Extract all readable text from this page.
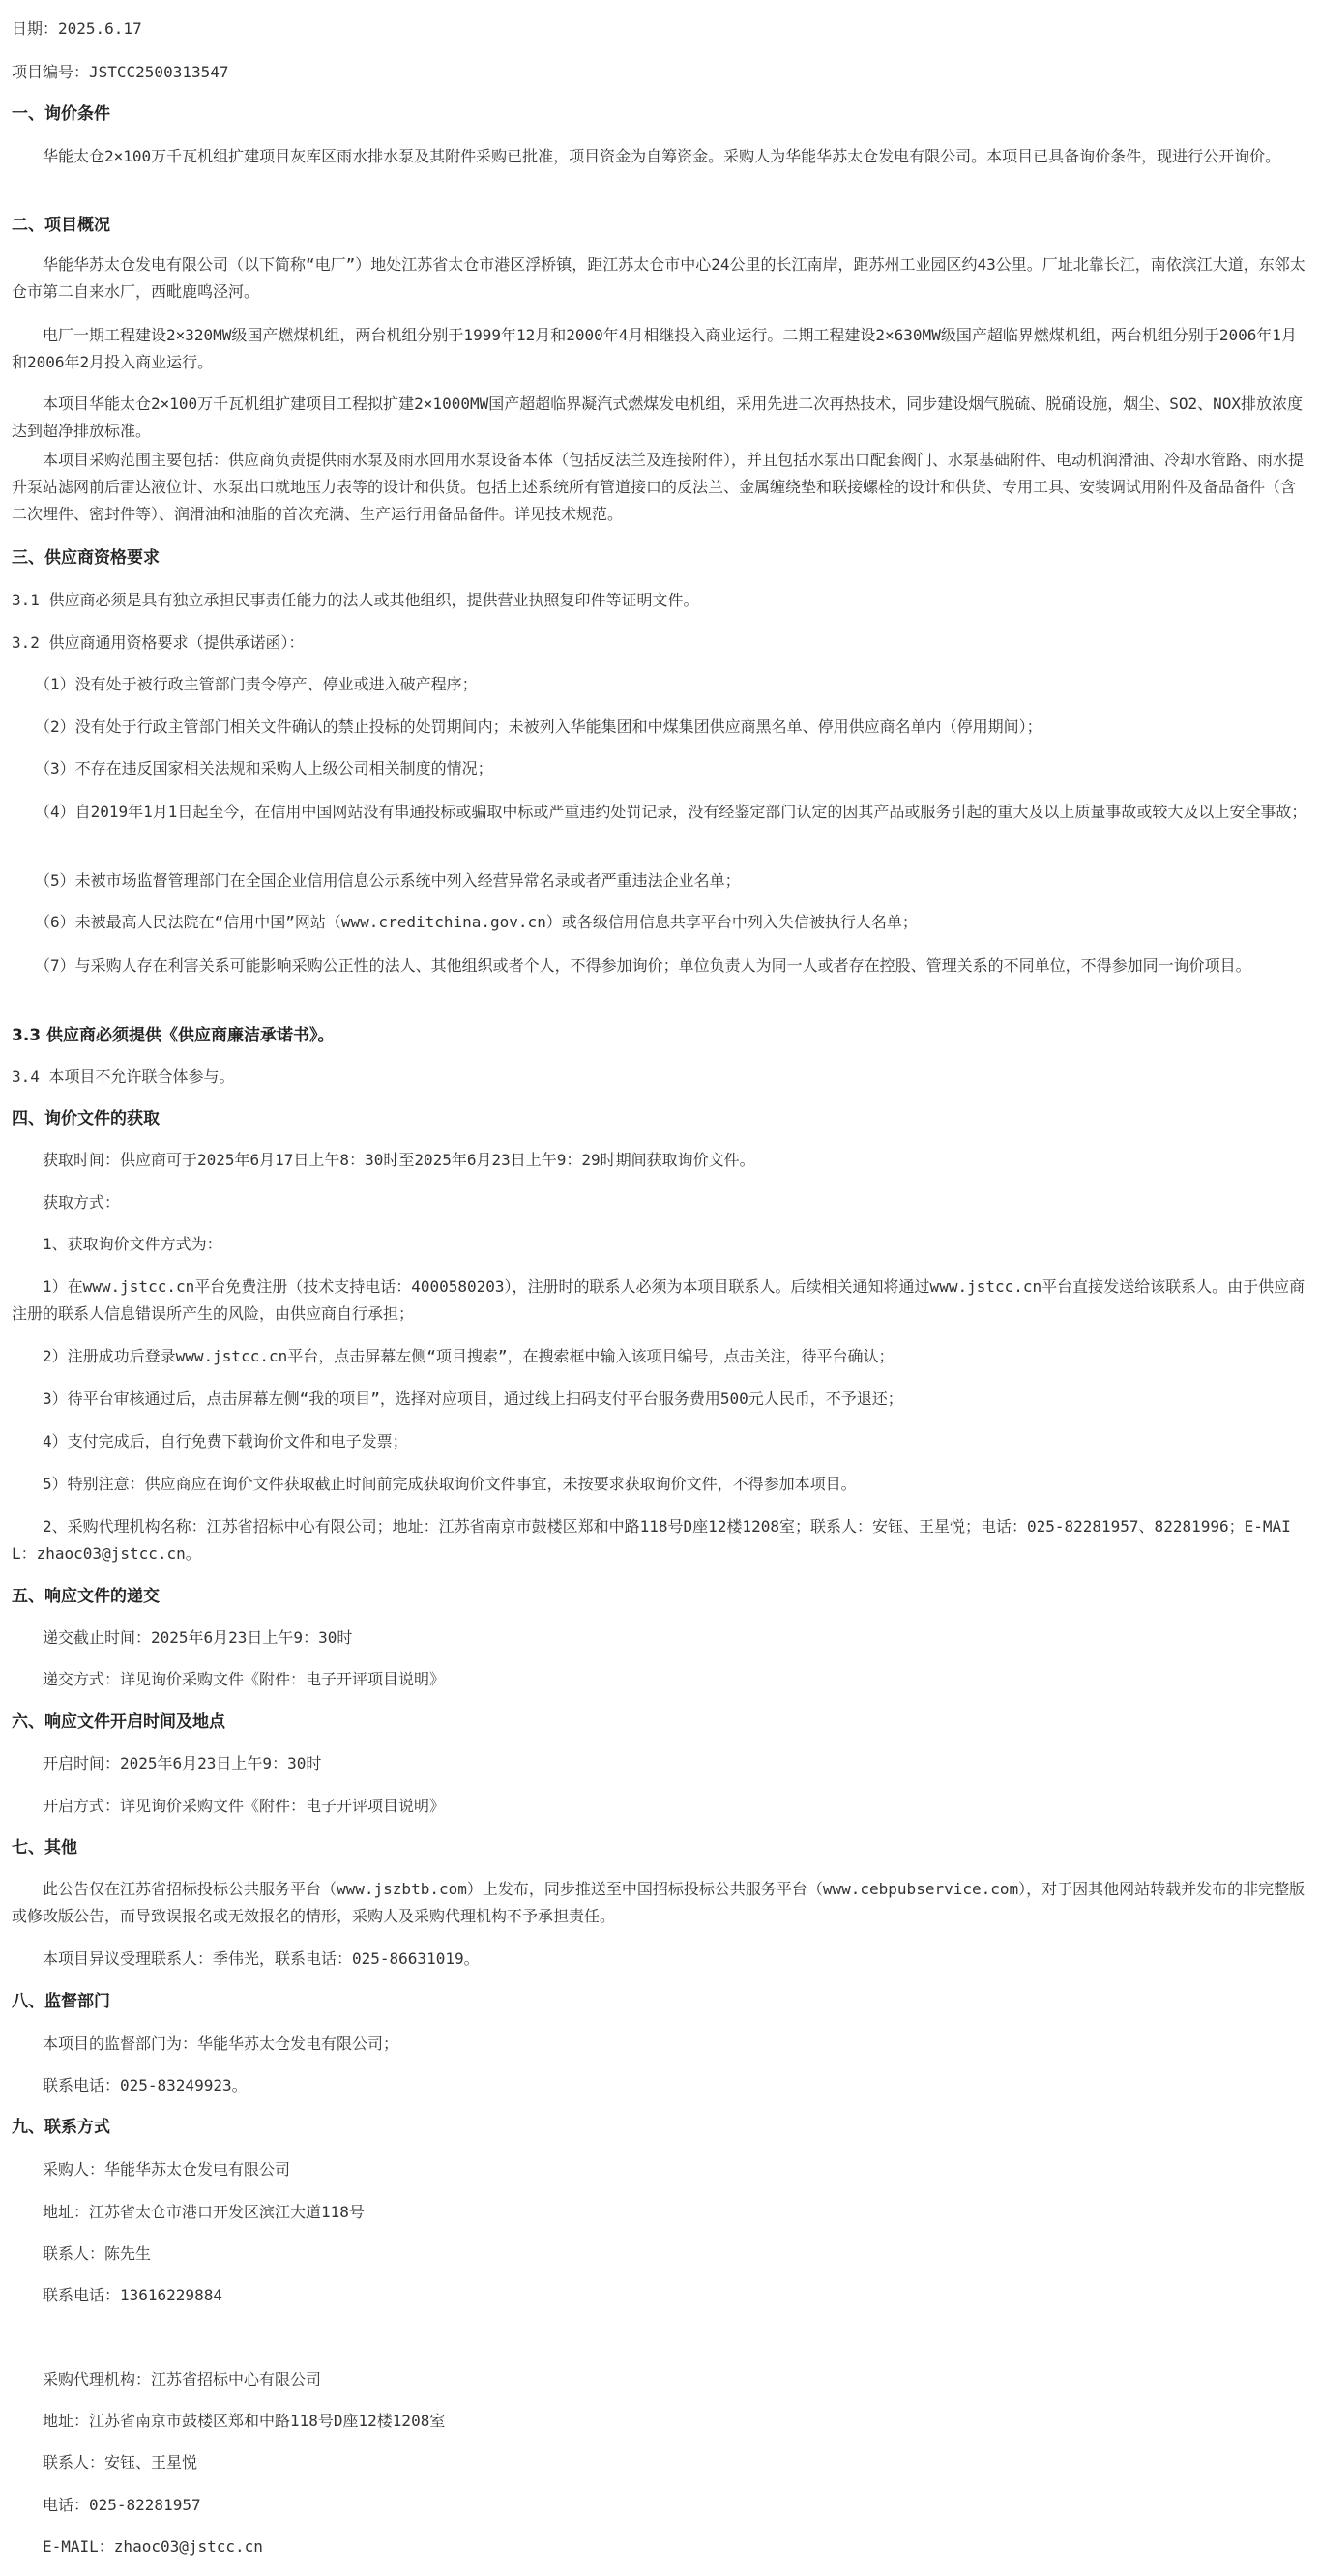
日期：2025.6.17

项目编号：JSTCC2500313547

一、询价条件

　　华能太仓2×100万千瓦机组扩建项目灰库区雨水排水泵及其附件采购已批准，项目资金为自筹资金。采购人为华能华苏太仓发电有限公司。本项目已具备询价条件，现进行公开询价。

二、项目概况

　　华能华苏太仓发电有限公司（以下简称“电厂”）地处江苏省太仓市港区浮桥镇，距江苏太仓市中心24公里的长江南岸，距苏州工业园区约43公里。厂址北靠长江，南依滨江大道，东邻太仓市第二自来水厂，西毗鹿鸣泾河。

　　电厂一期工程建设2×320MW级国产燃煤机组，两台机组分别于1999年12月和2000年4月相继投入商业运行。二期工程建设2×630MW级国产超临界燃煤机组，两台机组分别于2006年1月和2006年2月投入商业运行。

　　本项目华能太仓2×100万千瓦机组扩建项目工程拟扩建2×1000MW国产超超临界凝汽式燃煤发电机组，采用先进二次再热技术，同步建设烟气脱硫、脱硝设施，烟尘、SO2、NOX排放浓度达到超净排放标准。

　　本项目采购范围主要包括：供应商负责提供雨水泵及雨水回用水泵设备本体（包括反法兰及连接附件），并且包括水泵出口配套阀门、水泵基础附件、电动机润滑油、冷却水管路、雨水提升泵站滤网前后雷达液位计、水泵出口就地压力表等的设计和供货。包括上述系统所有管道接口的反法兰、金属缠绕垫和联接螺栓的设计和供货、专用工具、安装调试用附件及备品备件（含二次埋件、密封件等）、润滑油和油脂的首次充满、生产运行用备品备件。详见技术规范。

三、供应商资格要求

3.1 供应商必须是具有独立承担民事责任能力的法人或其他组织，提供营业执照复印件等证明文件。

3.2 供应商通用资格要求（提供承诺函）：

　　（1）没有处于被行政主管部门责令停产、停业或进入破产程序；

　　（2）没有处于行政主管部门相关文件确认的禁止投标的处罚期间内；未被列入华能集团和中煤集团供应商黑名单、停用供应商名单内（停用期间）；

　　（3）不存在违反国家相关法规和采购人上级公司相关制度的情况；

　　（4）自2019年1月1日起至今，在信用中国网站没有串通投标或骗取中标或严重违约处罚记录，没有经鉴定部门认定的因其产品或服务引起的重大及以上质量事故或较大及以上安全事故；

　　（5）未被市场监督管理部门在全国企业信用信息公示系统中列入经营异常名录或者严重违法企业名单；

　　（6）未被最高人民法院在“信用中国”网站（www.creditchina.gov.cn）或各级信用信息共享平台中列入失信被执行人名单；

　　（7）与采购人存在利害关系可能影响采购公正性的法人、其他组织或者个人，不得参加询价；单位负责人为同一人或者存在控股、管理关系的不同单位，不得参加同一询价项目。

3.3 供应商必须提供《供应商廉洁承诺书》。

3.4 本项目不允许联合体参与。

四、询价文件的获取

　　获取时间：供应商可于2025年6月17日上午8：30时至2025年6月23日上午9：29时期间获取询价文件。

　　获取方式：

　　1、获取询价文件方式为：

　　1）在www.jstcc.cn平台免费注册（技术支持电话：4000580203），注册时的联系人必须为本项目联系人。后续相关通知将通过www.jstcc.cn平台直接发送给该联系人。由于供应商注册的联系人信息错误所产生的风险，由供应商自行承担；

　　2）注册成功后登录www.jstcc.cn平台，点击屏幕左侧“项目搜索”，在搜索框中输入该项目编号，点击关注，待平台确认；

　　3）待平台审核通过后，点击屏幕左侧“我的项目”，选择对应项目，通过线上扫码支付平台服务费用500元人民币，不予退还；

　　4）支付完成后，自行免费下载询价文件和电子发票；

　　5）特别注意：供应商应在询价文件获取截止时间前完成获取询价文件事宜，未按要求获取询价文件，不得参加本项目。

　　2、采购代理机构名称：江苏省招标中心有限公司；地址：江苏省南京市鼓楼区郑和中路118号D座12楼1208室；联系人：安钰、王星悦；电话：025-82281957、82281996；E-MAIL：zhaoc03@jstcc.cn。

五、响应文件的递交

　　递交截止时间：2025年6月23日上午9：30时

　　递交方式：详见询价采购文件《附件：电子开评项目说明》

六、响应文件开启时间及地点

　　开启时间：2025年6月23日上午9：30时

　　开启方式：详见询价采购文件《附件：电子开评项目说明》

七、其他

　　此公告仅在江苏省招标投标公共服务平台（www.jszbtb.com）上发布，同步推送至中国招标投标公共服务平台（www.cebpubservice.com），对于因其他网站转载并发布的非完整版或修改版公告，而导致误报名或无效报名的情形，采购人及采购代理机构不予承担责任。

　　本项目异议受理联系人：季伟光，联系电话：025-86631019。

八、监督部门

　　本项目的监督部门为：华能华苏太仓发电有限公司；

　　联系电话：025-83249923。

九、联系方式

　　采购人：华能华苏太仓发电有限公司

　　地址：江苏省太仓市港口开发区滨江大道118号

　　联系人：陈先生

　　联系电话：13616229884

　　采购代理机构：江苏省招标中心有限公司

　　地址：江苏省南京市鼓楼区郑和中路118号D座12楼1208室

　　联系人：安钰、王星悦

　　电话：025-82281957

　　E-MAIL：zhaoc03@jstcc.cn
